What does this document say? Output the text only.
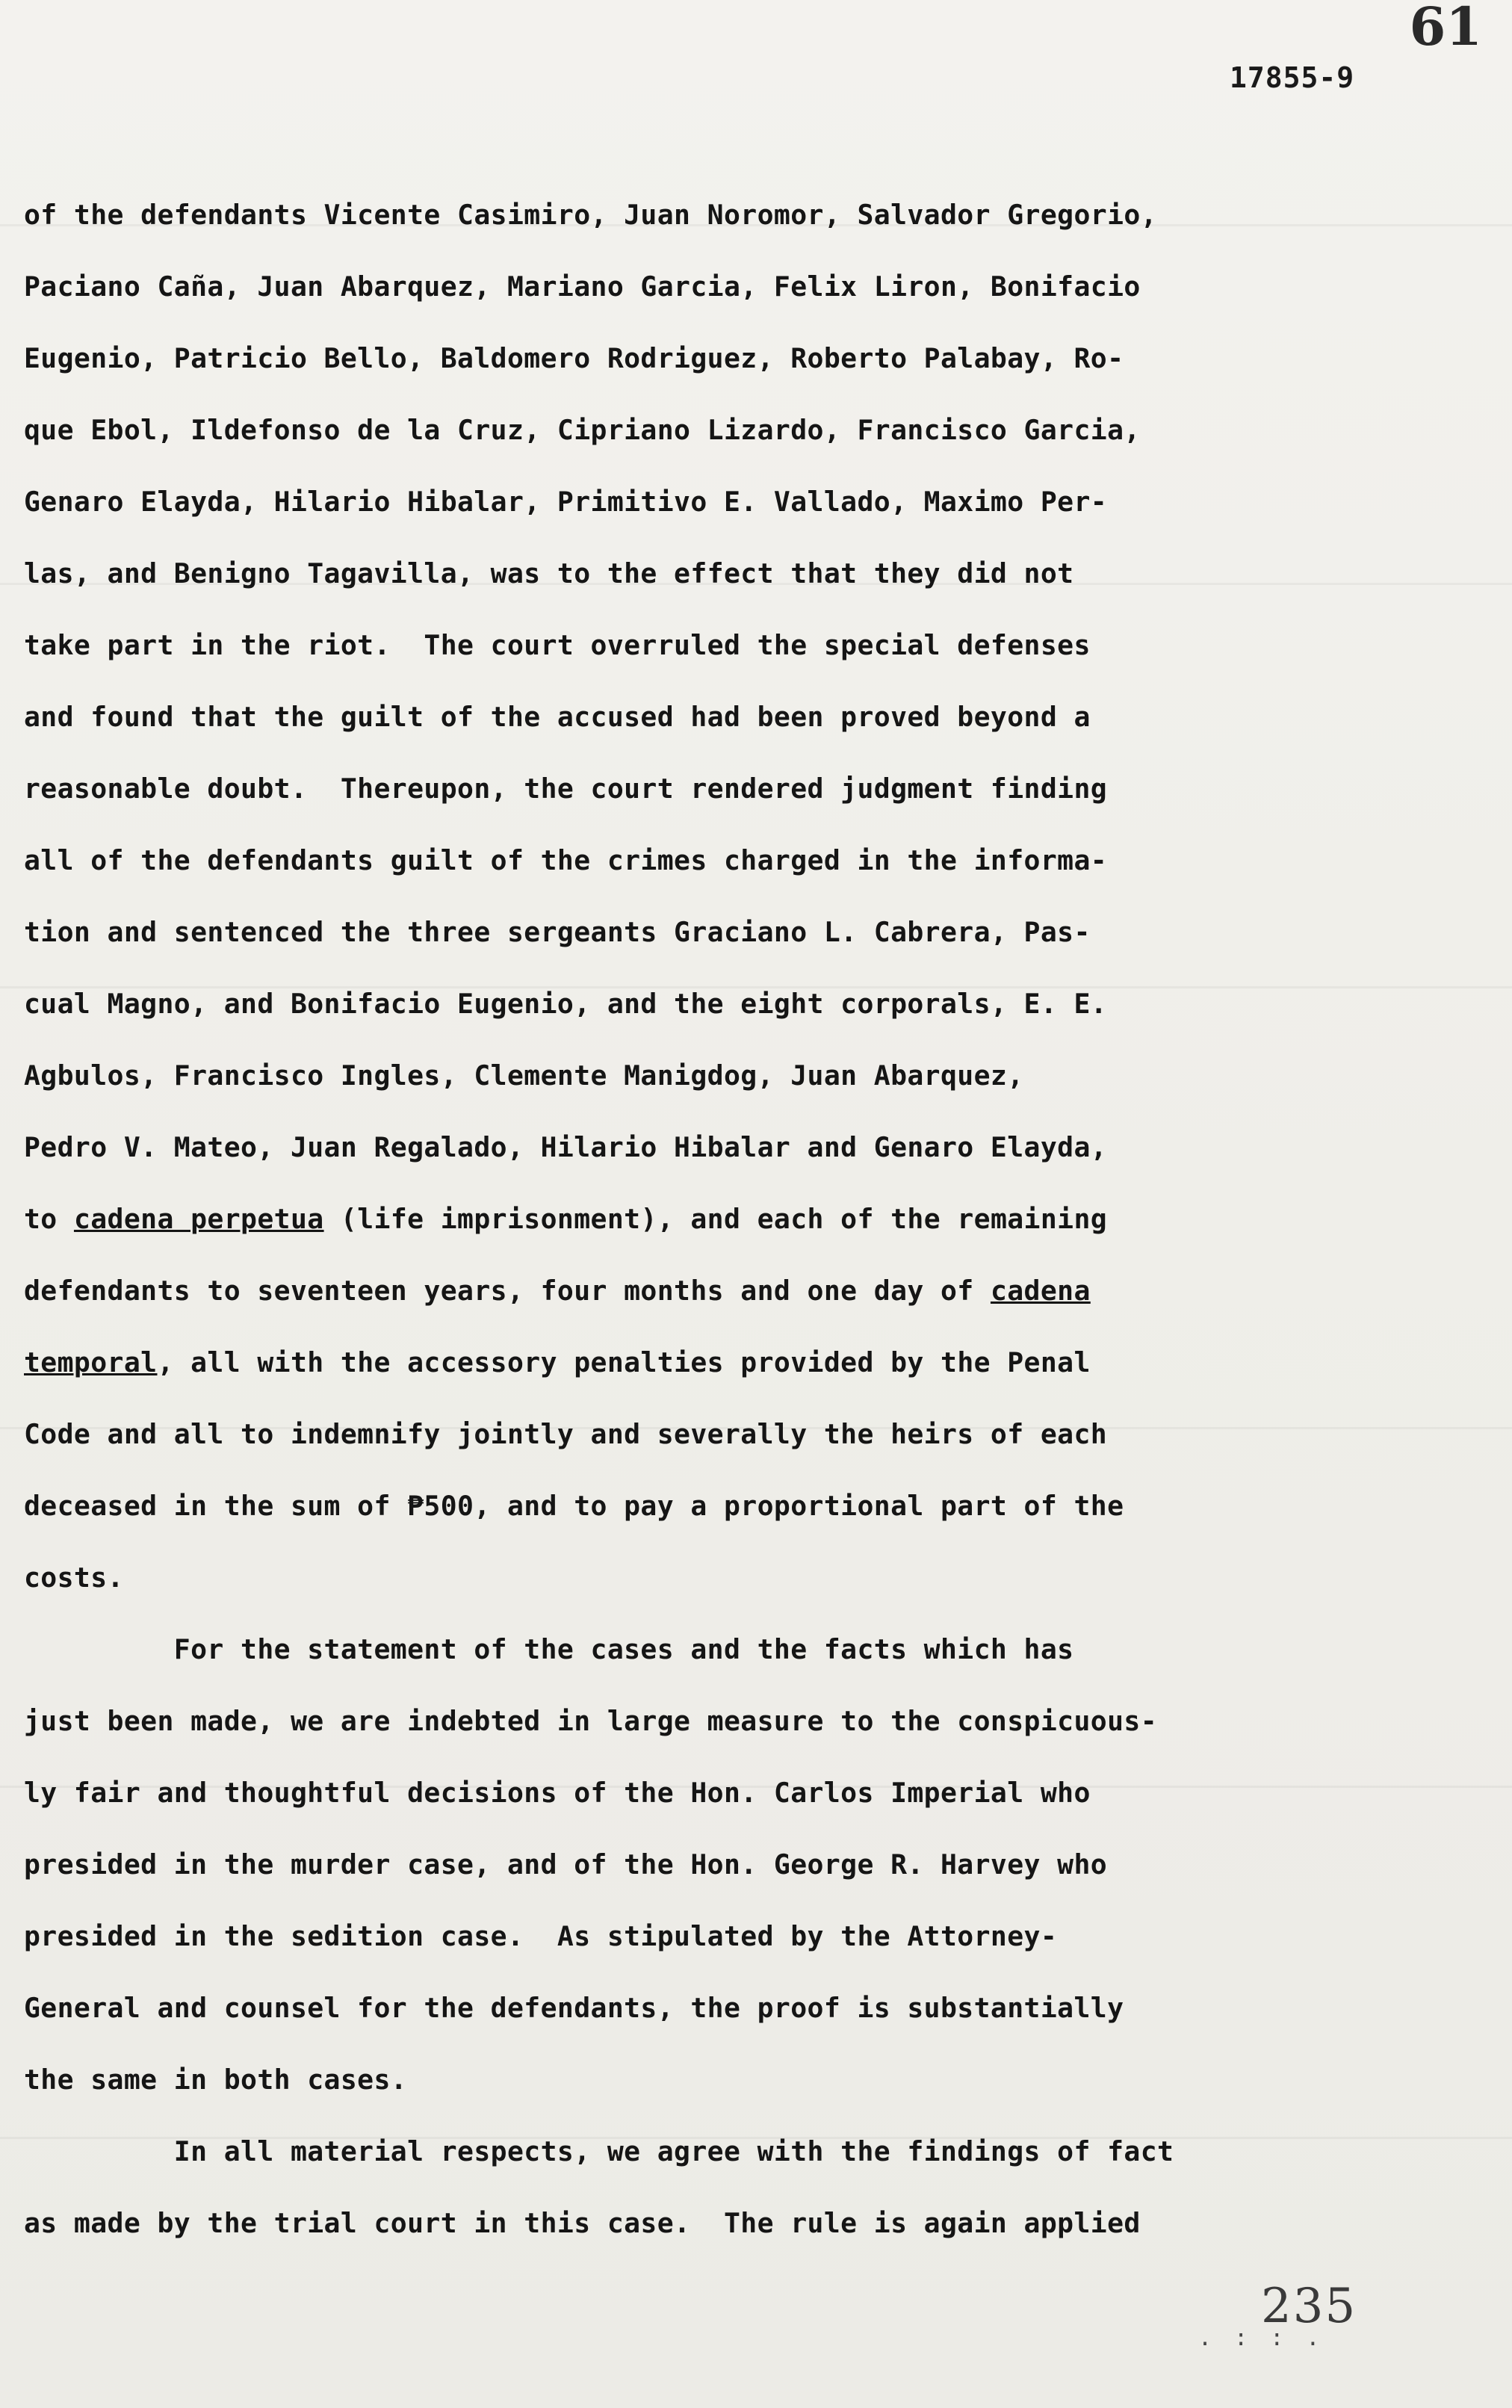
61
17855-9
of the defendants Vicente Casimiro, Juan Noromor, Salvador Gregorio,
Paciano Caña, Juan Abarquez, Mariano Garcia, Felix Liron, Bonifacio
Eugenio, Patricio Bello, Baldomero Rodriguez, Roberto Palabay, Ro-
que Ebol, Ildefonso de la Cruz, Cipriano Lizardo, Francisco Garcia,
Genaro Elayda, Hilario Hibalar, Primitivo E. Vallado, Maximo Per-
las, and Benigno Tagavilla, was to the effect that they did not
take part in the riot.  The court overruled the special defenses
and found that the guilt of the accused had been proved beyond a
reasonable doubt.  Thereupon, the court rendered judgment finding
all of the defendants guilt of the crimes charged in the informa-
tion and sentenced the three sergeants Graciano L. Cabrera, Pas-
cual Magno, and Bonifacio Eugenio, and the eight corporals, E. E.
Agbulos, Francisco Ingles, Clemente Manigdog, Juan Abarquez,
Pedro V. Mateo, Juan Regalado, Hilario Hibalar and Genaro Elayda,
to cadena perpetua (life imprisonment), and each of the remaining
defendants to seventeen years, four months and one day of cadena
temporal, all with the accessory penalties provided by the Penal
Code and all to indemnify jointly and severally the heirs of each
deceased in the sum of ₱500, and to pay a proportional part of the
costs.
For the statement of the cases and the facts which has
just been made, we are indebted in large measure to the conspicuous-
ly fair and thoughtful decisions of the Hon. Carlos Imperial who
presided in the murder case, and of the Hon. George R. Harvey who
presided in the sedition case.  As stipulated by the Attorney-
General and counsel for the defendants, the proof is substantially
the same in both cases.
In all material respects, we agree with the findings of fact
as made by the trial court in this case.  The rule is again applied
235
. : : .
